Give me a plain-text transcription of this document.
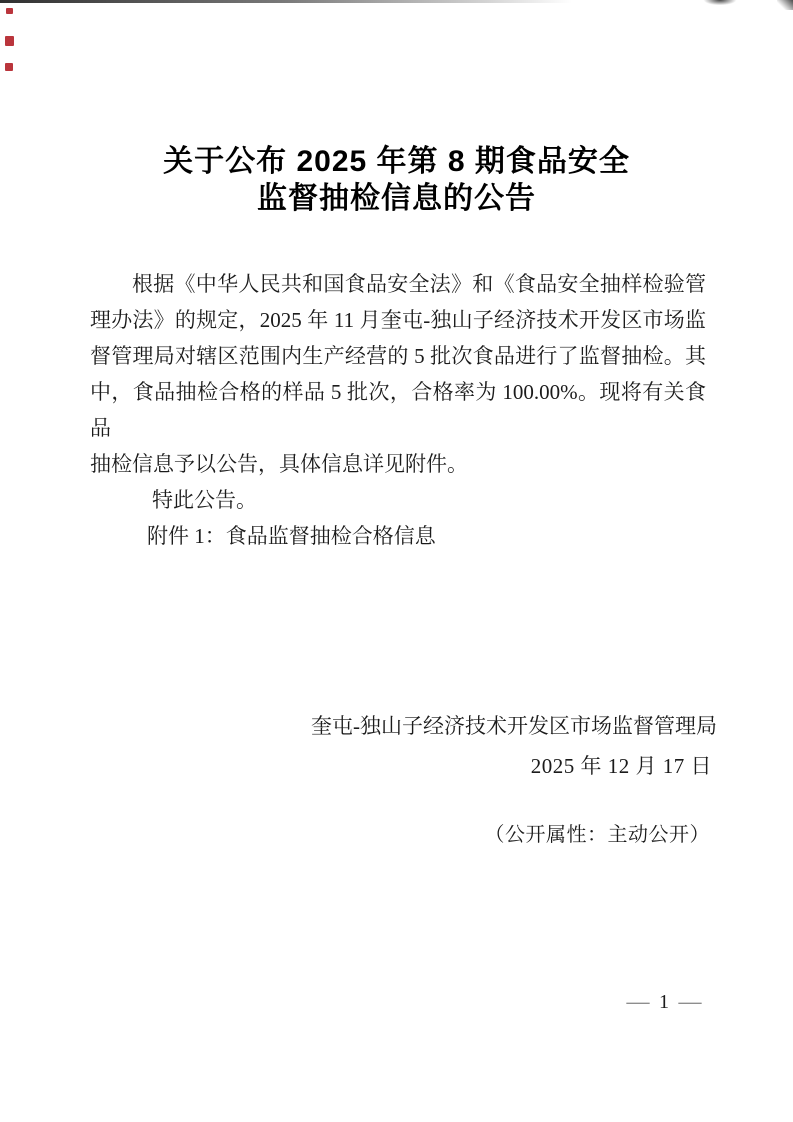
关于公布 2025 年第 8 期食品安全
监督抽检信息的公告
根据《中华人民共和国食品安全法》和《食品安全抽样检验管
理办法》的规定，2025 年 11 月奎屯-独山子经济技术开发区市场监
督管理局对辖区范围内生产经营的 5 批次食品进行了监督抽检。其
中，食品抽检合格的样品 5 批次，合格率为 100.00%。现将有关食品
抽检信息予以公告，具体信息详见附件。
特此公告。
附件 1：食品监督抽检合格信息
奎屯-独山子经济技术开发区市场监督管理局
2025 年 12 月 17 日
（公开属性：主动公开）
— 1 —
